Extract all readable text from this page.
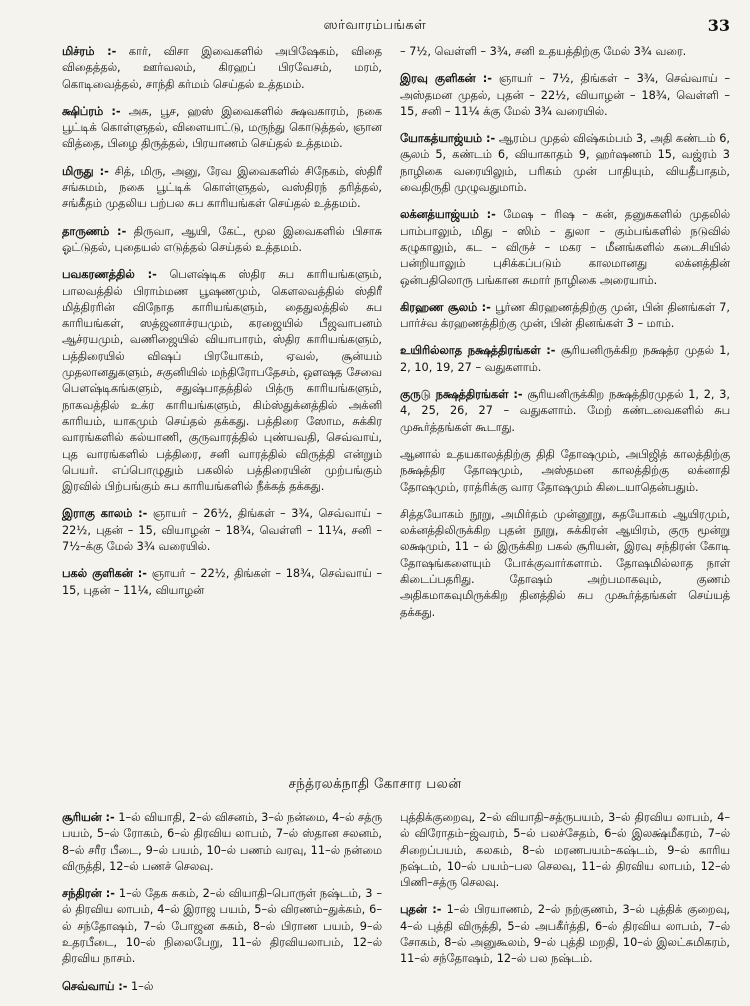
ஸர்வாரம்பங்கள்	33

மிச்ரம் :- கார், விசா இவைகளில் அபிஷேகம், விதை விதைத்தல், ஊர்வலம், கிரஹப் பிரவேசம், மரம், கொடிவைத்தல், சாந்தி கர்மம் செய்தல் உத்தமம்.

க்ஷிப்ரம் :- அசு, பூச, ஹஸ் இவைகளில் க்ஷவகாரம், நகை பூட்டிக் கொள்ளுதல், விளையாட்டு, மருந்து கொடுத்தல், ஞான வித்தை, பிழை திருத்தல், பிரயாணம் செய்தல் உத்தமம்.

மிருது :- சித், மிரு, அனு, ரேவ இவைகளில் சிநேகம், ஸ்திரீ சங்கமம், நகை பூட்டிக் கொள்ளுதல், வஸ்திரந் தரித்தல், சங்கீதம் முதலிய பற்பல சுப காரியங்கள் செய்தல் உத்தமம்.

தாருணம் :- திருவா, ஆயி, கேட், மூல இவைகளில் பிசாசு ஓட்டுதல், புதையல் எடுத்தல் செய்தல் உத்தமம்.

பவகரணத்தில் :- பௌஷ்டிக ஸ்திர சுப காரியங்களும், பாலவத்தில் பிராம்மண பூஷணமும், கௌலவத்தில் ஸ்திரீ மித்திரரின் விநோத காரியங்களும், தைதுலத்தில் சுப காரியங்கள், ஸத்ஜனாச்ரயமும், கரஜையில் பீஜவாபனம் ஆச்ரயமும், வணிஜையில் வியாபாரம், ஸ்திர காரியங்களும், பத்திரையில் விஷப் பிரயோகம், ஏவல், சூன்யம் முதலானதுகளும், சகுனியில் மந்திரோபதேசம், ஔஷத சேவை பௌஷ்டிகங்களும், சதுஷ்பாதத்தில் பித்ரு காரியங்களும், நாகவத்தில் உக்ர காரியங்களும், கிம்ஸ்துக்னத்தில் அக்னி காரியம், யாகமும் செய்தல் தக்கது. பத்திரை ஸோம, சுக்கிர வாரங்களில் கல்யாணி, குருவாரத்தில் புண்யவதி, செவ்வாய், புத வாரங்களில் பத்திரை, சனி வாரத்தில் விருத்தி என்றும் பெயர். எப்பொழுதும் பகலில் பத்திரையின் முற்பங்கும் இரவில் பிற்பங்கும் சுப காரியங்களில் நீக்கத் தக்கது.

இராகு காலம் :- ஞாயர் – 26½, திங்கள் – 3¾, செவ்வாய் – 22½, புதன் – 15, வியாழன் – 18¾, வெள்ளி – 11¼, சனி – 7½–க்கு மேல் 3¾ வரையில்.

பகல் குளிகன் :- ஞாயர் – 22½, திங்கள் – 18¾, செவ்வாய் – 15, புதன் – 11¼, வியாழன்

– 7½, வெள்ளி – 3¾, சனி உதயத்திற்கு மேல் 3¾ வரை.

இரவு குளிகன் :- ஞாயர் – 7½, திங்கள் – 3¾, செவ்வாய் – அஸ்தமன முதல், புதன் – 22½, வியாழன் – 18¾, வெள்ளி – 15, சனி – 11¼ க்கு மேல் 3¾ வரையில்.

யோகத்யாஜ்யம் :- ஆரம்ப முதல் விஷ்கம்பம் 3, அதி கண்டம் 6, சூலம் 5, கண்டம் 6, வியாகாதம் 9, ஹர்ஷணம் 15, வஜ்ரம் 3 நாழிகை வரையிலும், பரிகம் முன் பாதியும், வியதீபாதம், வைதிருதி முழுவதுமாம்.

லக்னத்யாஜ்யம் :- மேஷ – ரிஷ – கன், தனுசுகளில் முதலில் பாம்பாலும், மிது – ஸிம் – துலா – கும்பங்களில் நடுவில் கழுகாலும், கட – விருச் – மகர – மீனங்களில் கடைசியில் பன்றியாலும் புசிக்கப்படும் காலமானது லக்னத்தின் ஒன்பதிலொரு பங்கான சுமார் நாழிகை அரையாம்.

கிரஹண சூலம் :- பூர்ண கிரஹணத்திற்கு முன், பின் தினங்கள் 7, பார்ச்வ க்ரஹணத்திற்கு முன், பின் தினங்கள் 3 – மாம்.

உயிரில்லாத நக்ஷத்திரங்கள் :- சூரியனிருக்கிற நக்ஷத்ர முதல் 1, 2, 10, 19, 27 – வதுகளாம்.

குருடு நக்ஷத்திரங்கள் :- சூரியனிருக்கிற நக்ஷத்திரமுதல் 1, 2, 3, 4, 25, 26, 27 – வதுகளாம். மேற் கண்டவைகளில் சுப முகூர்த்தங்கள் கூடாது.

ஆனால் உதயகாலத்திற்கு திதி தோஷமும், அபிஜித் காலத்திற்கு நக்ஷத்திர தோஷமும், அஸ்தமன காலத்திற்கு லக்னாதி தோஷமும், ராத்ரிக்கு வார தோஷமும் கிடையாதென்பதும்.

சித்தயோகம் நூறு, அமிர்தம் முன்னூறு, சுதயோகம் ஆயிரமும், லக்னத்திலிருக்கிற புதன் நூறு, சுக்கிரன் ஆயிரம், குரு மூன்று லக்ஷமும், 11 – ல் இருக்கிற பகல் சூரியன், இரவு சந்திரன் கோடி தோஷங்களையும் போக்குவார்களாம். தோஷமில்லாத நாள் கிடைப்பதரிது. தோஷம் அற்பமாகவும், குணம் அதிகமாகவுமிருக்கிற தினத்தில் சுப முகூர்த்தங்கள் செய்யத் தக்கது.

சந்த்ரலக்நாதி கோசார பலன்

சூரியன் :- 1–ல் வியாதி, 2–ல் விசனம், 3–ல் நன்மை, 4–ல் சத்ரு பயம், 5–ல் ரோகம், 6–ல் திரவிய லாபம், 7–ல் ஸ்தான சலனம், 8–ல் சரீர பீடை, 9–ல் பயம், 10–ல் பணம் வரவு, 11–ல் நன்மை விருத்தி, 12–ல் பணச் செலவு.

சந்திரன் :- 1–ல் தேக சுகம், 2–ல் வியாதி–பொருள் நஷ்டம், 3 –ல் திரவிய லாபம், 4–ல் இராஜ பயம், 5–ல் விரணம்–துக்கம், 6–ல் சந்தோஷம், 7–ல் போஜன சுகம், 8–ல் பிராண பயம், 9–ல் உதரபீடை, 10–ல் நிலைபேறு, 11–ல் திரவியலாபம், 12–ல் திரவிய நாசம்.

செவ்வாய் :- 1–ல்

புத்திக்குறைவு, 2–ல் வியாதி–சத்ருபயம், 3–ல் திரவிய லாபம், 4–ல் விரோதம்–ஜ்வரம், 5–ல் பலச்சேதம், 6–ல் இலக்ஷ்மீகரம், 7–ல் சிறைப்பயம், கலகம், 8–ல் மரணபயம்–கஷ்டம், 9–ல் காரிய நஷ்டம், 10–ல் பயம்–பல செலவு, 11–ல் திரவிய லாபம், 12–ல் பிணி–சத்ரு செலவு.

புதன் :- 1–ல் பிரயாணம், 2–ல் நற்குணம், 3–ல் புத்திக் குறைவு, 4–ல் புத்தி விருத்தி, 5–ல் அபகீர்த்தி, 6–ல் திரவிய லாபம், 7–ல் சோகம், 8–ல் அனுகூலம், 9–ல் புத்தி மறதி, 10–ல் இலட்சுமிகரம், 11–ல் சந்தோஷம், 12–ல் பல நஷ்டம்.
